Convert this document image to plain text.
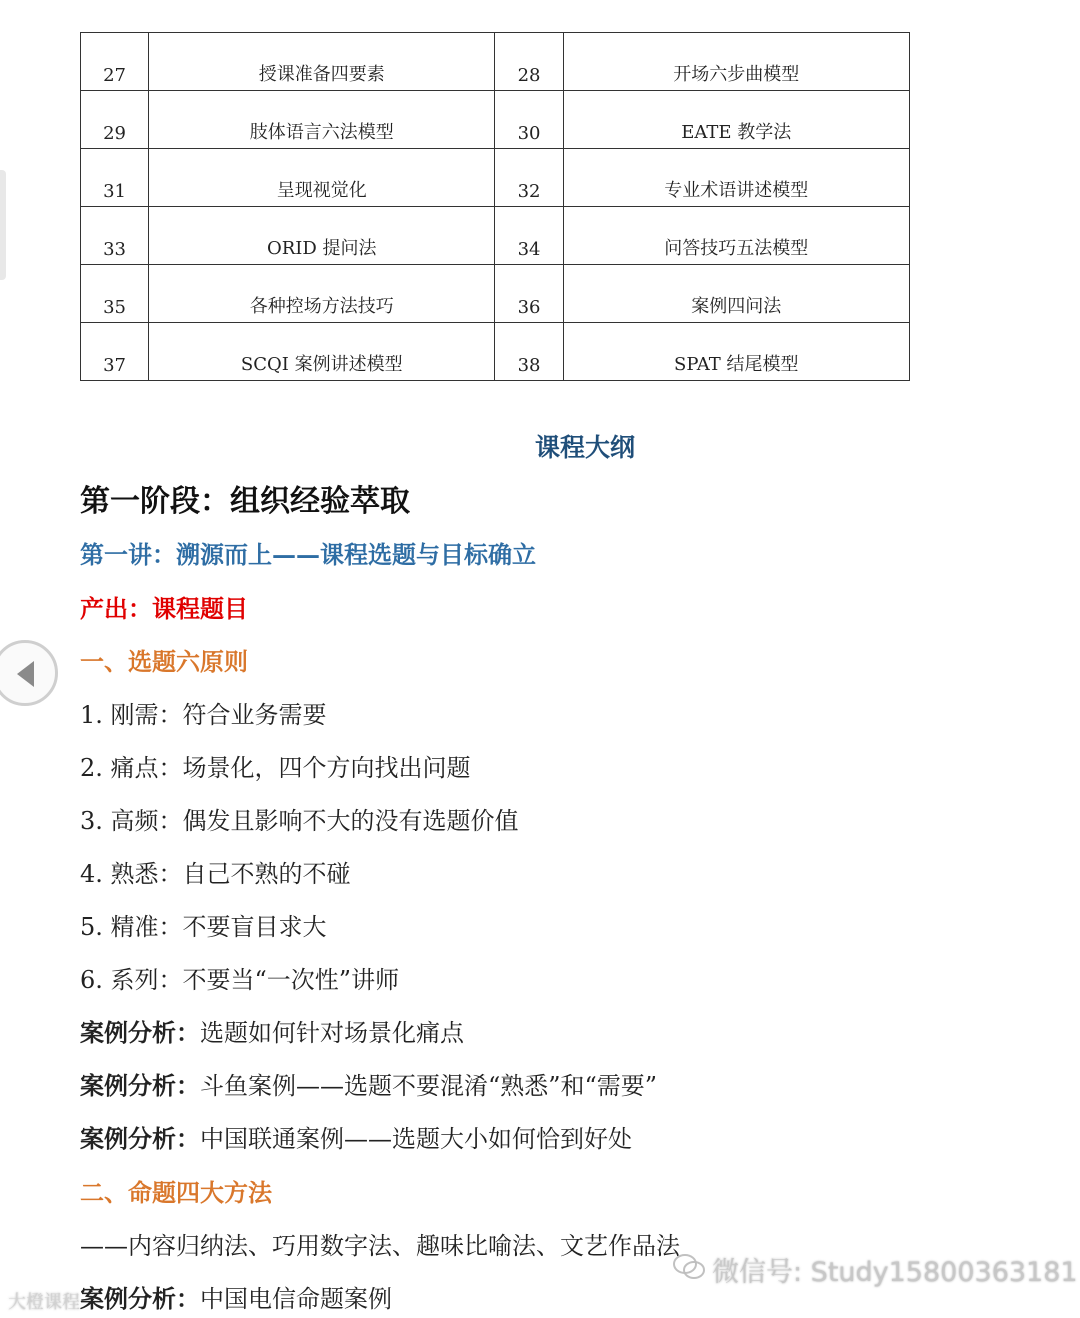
27	授课准备四要素	28	开场六步曲模型
29	肢体语言六法模型	30	EATE 教学法
31	呈现视觉化	32	专业术语讲述模型
33	ORID 提问法	34	问答技巧五法模型
35	各种控场方法技巧	36	案例四问法
37	SCQI 案例讲述模型	38	SPAT 结尾模型
课程大纲
第一阶段：组织经验萃取
第一讲：溯源而上——课程选题与目标确立
产出：课程题目
一、选题六原则
1. 刚需：符合业务需要
2. 痛点：场景化，四个方向找出问题
3. 高频：偶发且影响不大的没有选题价值
4. 熟悉：自己不熟的不碰
5. 精准：不要盲目求大
6. 系列：不要当“一次性”讲师
案例分析：选题如何针对场景化痛点
案例分析：斗鱼案例——选题不要混淆“熟悉”和“需要”
案例分析：中国联通案例——选题大小如何恰到好处
二、命题四大方法
——内容归纳法、巧用数字法、趣味比喻法、文艺作品法
案例分析：中国电信命题案例
微信号: Study15800363181
大橙课程
